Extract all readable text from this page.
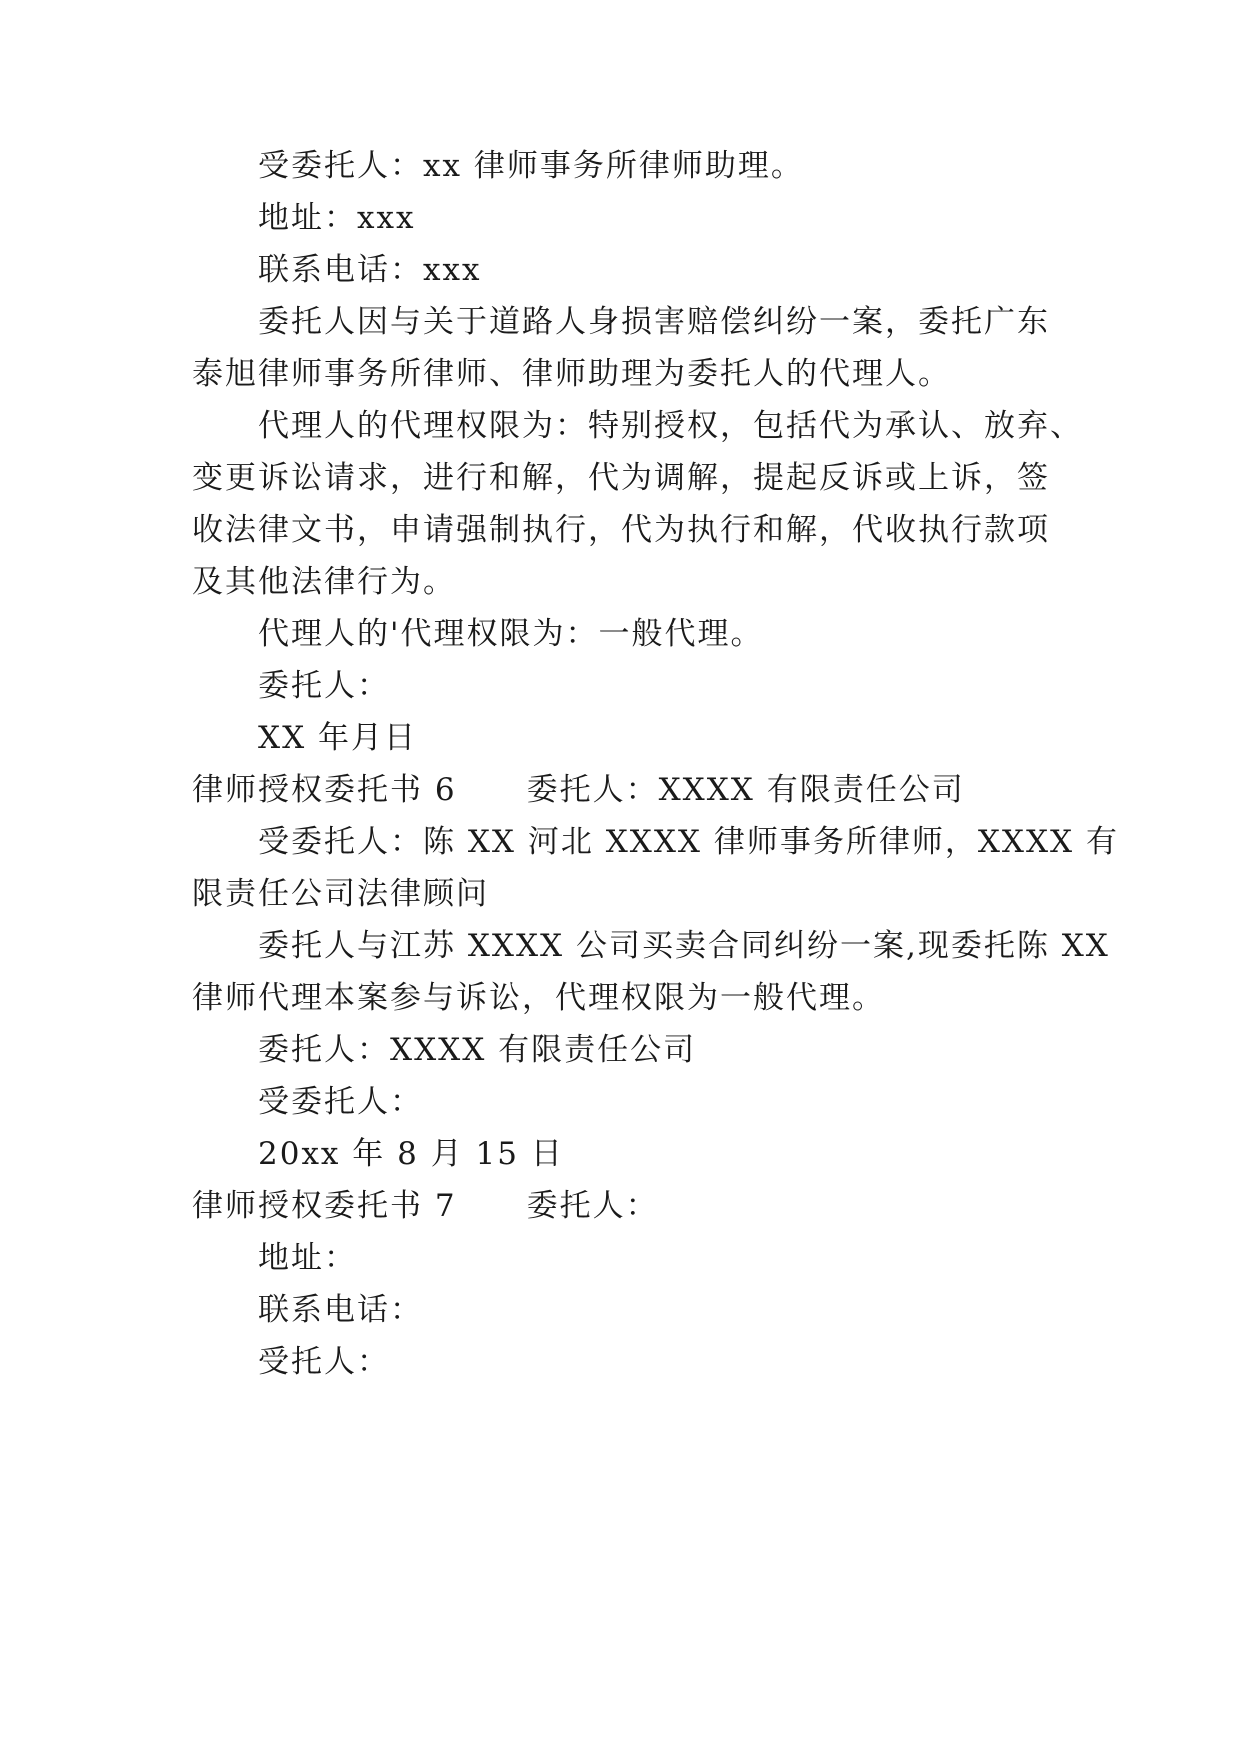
受委托人：xx 律师事务所律师助理。
地址：xxx
联系电话：xxx
委托人因与关于道路人身损害赔偿纠纷一案，委托广东
泰旭律师事务所律师、律师助理为委托人的代理人。
代理人的代理权限为：特别授权，包括代为承认、放弃、
变更诉讼请求，进行和解，代为调解，提起反诉或上诉，签
收法律文书，申请强制执行，代为执行和解，代收执行款项
及其他法律行为。
代理人的'代理权限为：一般代理。
委托人：
XX 年月日
律师授权委托书 6 委托人：XXXX 有限责任公司
受委托人：陈 XX 河北 XXXX 律师事务所律师，XXXX 有
限责任公司法律顾问
委托人与江苏 XXXX 公司买卖合同纠纷一案,现委托陈 XX
律师代理本案参与诉讼，代理权限为一般代理。
委托人：XXXX 有限责任公司
受委托人：
20xx 年 8 月 15 日
律师授权委托书 7 委托人：
地址：
联系电话：
受托人：
